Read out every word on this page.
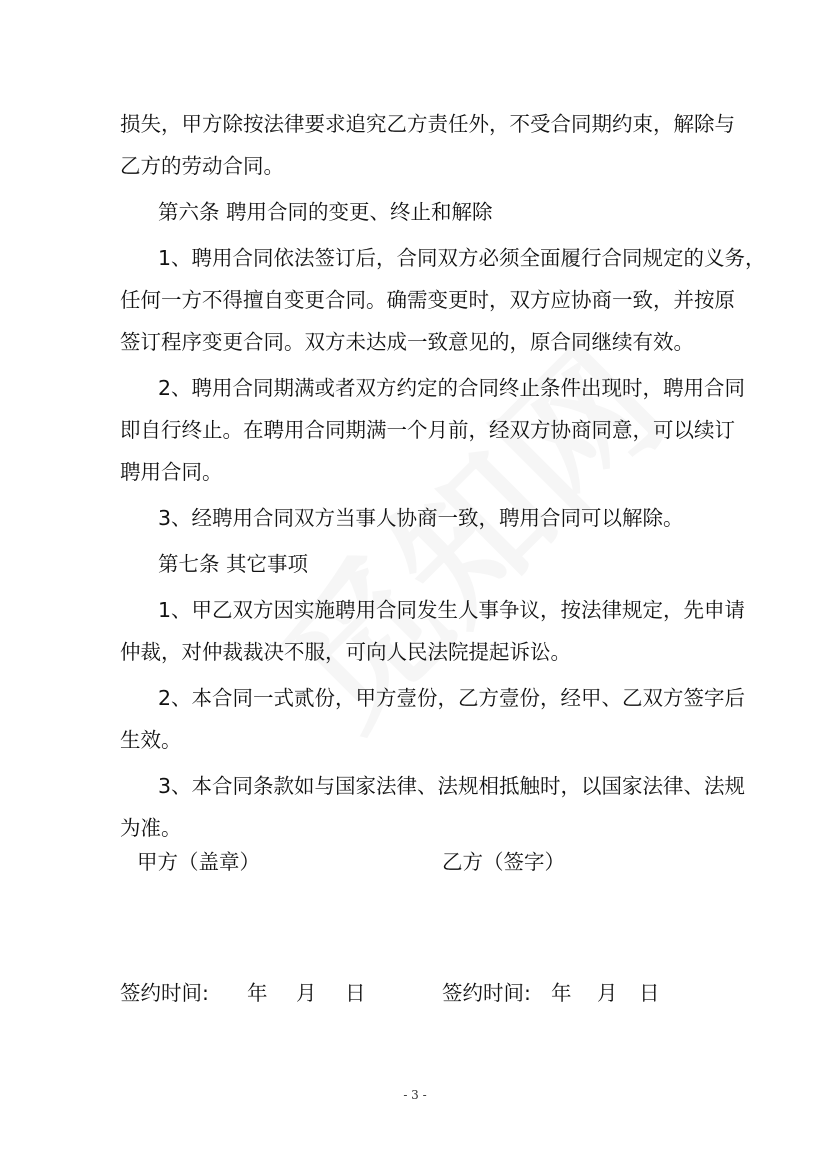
损失，甲方除按法律要求追究乙方责任外，不受合同期约束，解除与
乙方的劳动合同。
第六条 聘用合同的变更、终止和解除
1、聘用合同依法签订后，合同双方必须全面履行合同规定的义务，
任何一方不得擅自变更合同。确需变更时，双方应协商一致，并按原
签订程序变更合同。双方未达成一致意见的，原合同继续有效。
2、聘用合同期满或者双方约定的合同终止条件出现时，聘用合同
即自行终止。在聘用合同期满一个月前，经双方协商同意，可以续订
聘用合同。
3、经聘用合同双方当事人协商一致，聘用合同可以解除。
第七条 其它事项
1、甲乙双方因实施聘用合同发生人事争议，按法律规定，先申请
仲裁，对仲裁裁决不服，可向人民法院提起诉讼。
2、本合同一式贰份，甲方壹份，乙方壹份，经甲、乙双方签字后
生效。
3、本合同条款如与国家法律、法规相抵触时，以国家法律、法规
为准。
甲方（盖章）	乙方（签字）
签约时间: 年 月 日	签约时间: 年 月 日
- 3 -
